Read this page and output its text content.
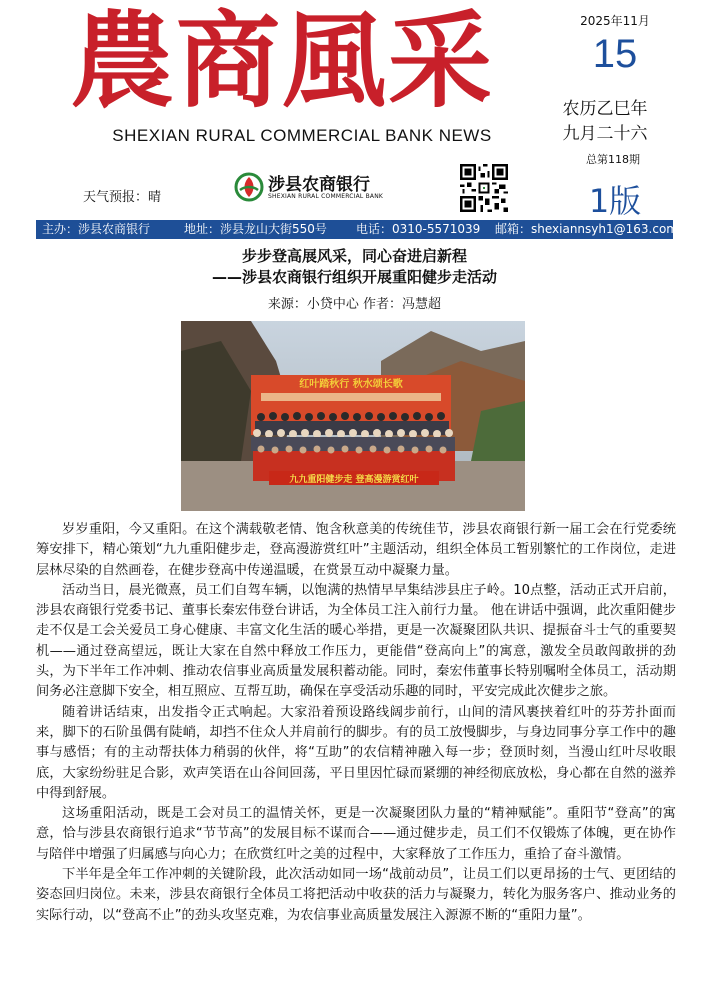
農商風采
SHEXIAN RURAL COMMERCIAL BANK NEWS
2025年11月
15
农历乙巳年
九月二十六
总第118期
1版
天气预报：晴
涉县农商银行
SHEXIAN RURAL COMMERCIAL BANK
主办：涉县农商银行	地址：涉县龙山大街550号 电话：0310-5571039 邮箱：shexiannsyh1@163.com
步步登高展风采，同心奋进启新程
——涉县农商银行组织开展重阳健步走活动
来源：小贷中心 作者：冯慧超
红叶踏秋行 秋水颂长歌
九九重阳健步走 登高漫游赏红叶

岁岁重阳，今又重阳。在这个满载敬老情、饱含秋意美的传统佳节，涉县农商银行新一届工会在行党委统筹安排下，精心策划“九九重阳健步走，登高漫游赏红叶”主题活动，组织全体员工暂别繁忙的工作岗位，走进层林尽染的自然画卷，在健步登高中传递温暖，在赏景互动中凝聚力量。

活动当日，晨光微熹，员工们自驾车辆，以饱满的热情早早集结涉县庄子岭。10点整，活动正式开启前，涉县农商银行党委书记、董事长秦宏伟登台讲话，为全体员工注入前行力量。 他在讲话中强调，此次重阳健步走不仅是工会关爱员工身心健康、丰富文化生活的暖心举措，更是一次凝聚团队共识、提振奋斗士气的重要契机——通过登高望远，既让大家在自然中释放工作压力，更能借“登高向上”的寓意，激发全员敢闯敢拼的劲头，为下半年工作冲刺、推动农信事业高质量发展积蓄动能。同时，秦宏伟董事长特别嘱咐全体员工，活动期间务必注意脚下安全，相互照应、互帮互助，确保在享受活动乐趣的同时，平安完成此次健步之旅。

随着讲话结束，出发指令正式响起。大家沿着预设路线阔步前行，山间的清风裹挟着红叶的芬芳扑面而来，脚下的石阶虽偶有陡峭，却挡不住众人并肩前行的脚步。有的员工放慢脚步，与身边同事分享工作中的趣事与感悟；有的主动帮扶体力稍弱的伙伴，将“互助”的农信精神融入每一步；登顶时刻，当漫山红叶尽收眼底，大家纷纷驻足合影，欢声笑语在山谷间回荡，平日里因忙碌而紧绷的神经彻底放松，身心都在自然的滋养中得到舒展。

这场重阳活动，既是工会对员工的温情关怀，更是一次凝聚团队力量的“精神赋能”。重阳节“登高”的寓意，恰与涉县农商银行追求“节节高”的发展目标不谋而合——通过健步走，员工们不仅锻炼了体魄，更在协作与陪伴中增强了归属感与向心力；在欣赏红叶之美的过程中，大家释放了工作压力，重拾了奋斗激情。

下半年是全年工作冲刺的关键阶段，此次活动如同一场“战前动员”，让员工们以更昂扬的士气、更团结的姿态回归岗位。未来，涉县农商银行全体员工将把活动中收获的活力与凝聚力，转化为服务客户、推动业务的实际行动，以“登高不止”的劲头攻坚克难，为农信事业高质量发展注入源源不断的“重阳力量”。
